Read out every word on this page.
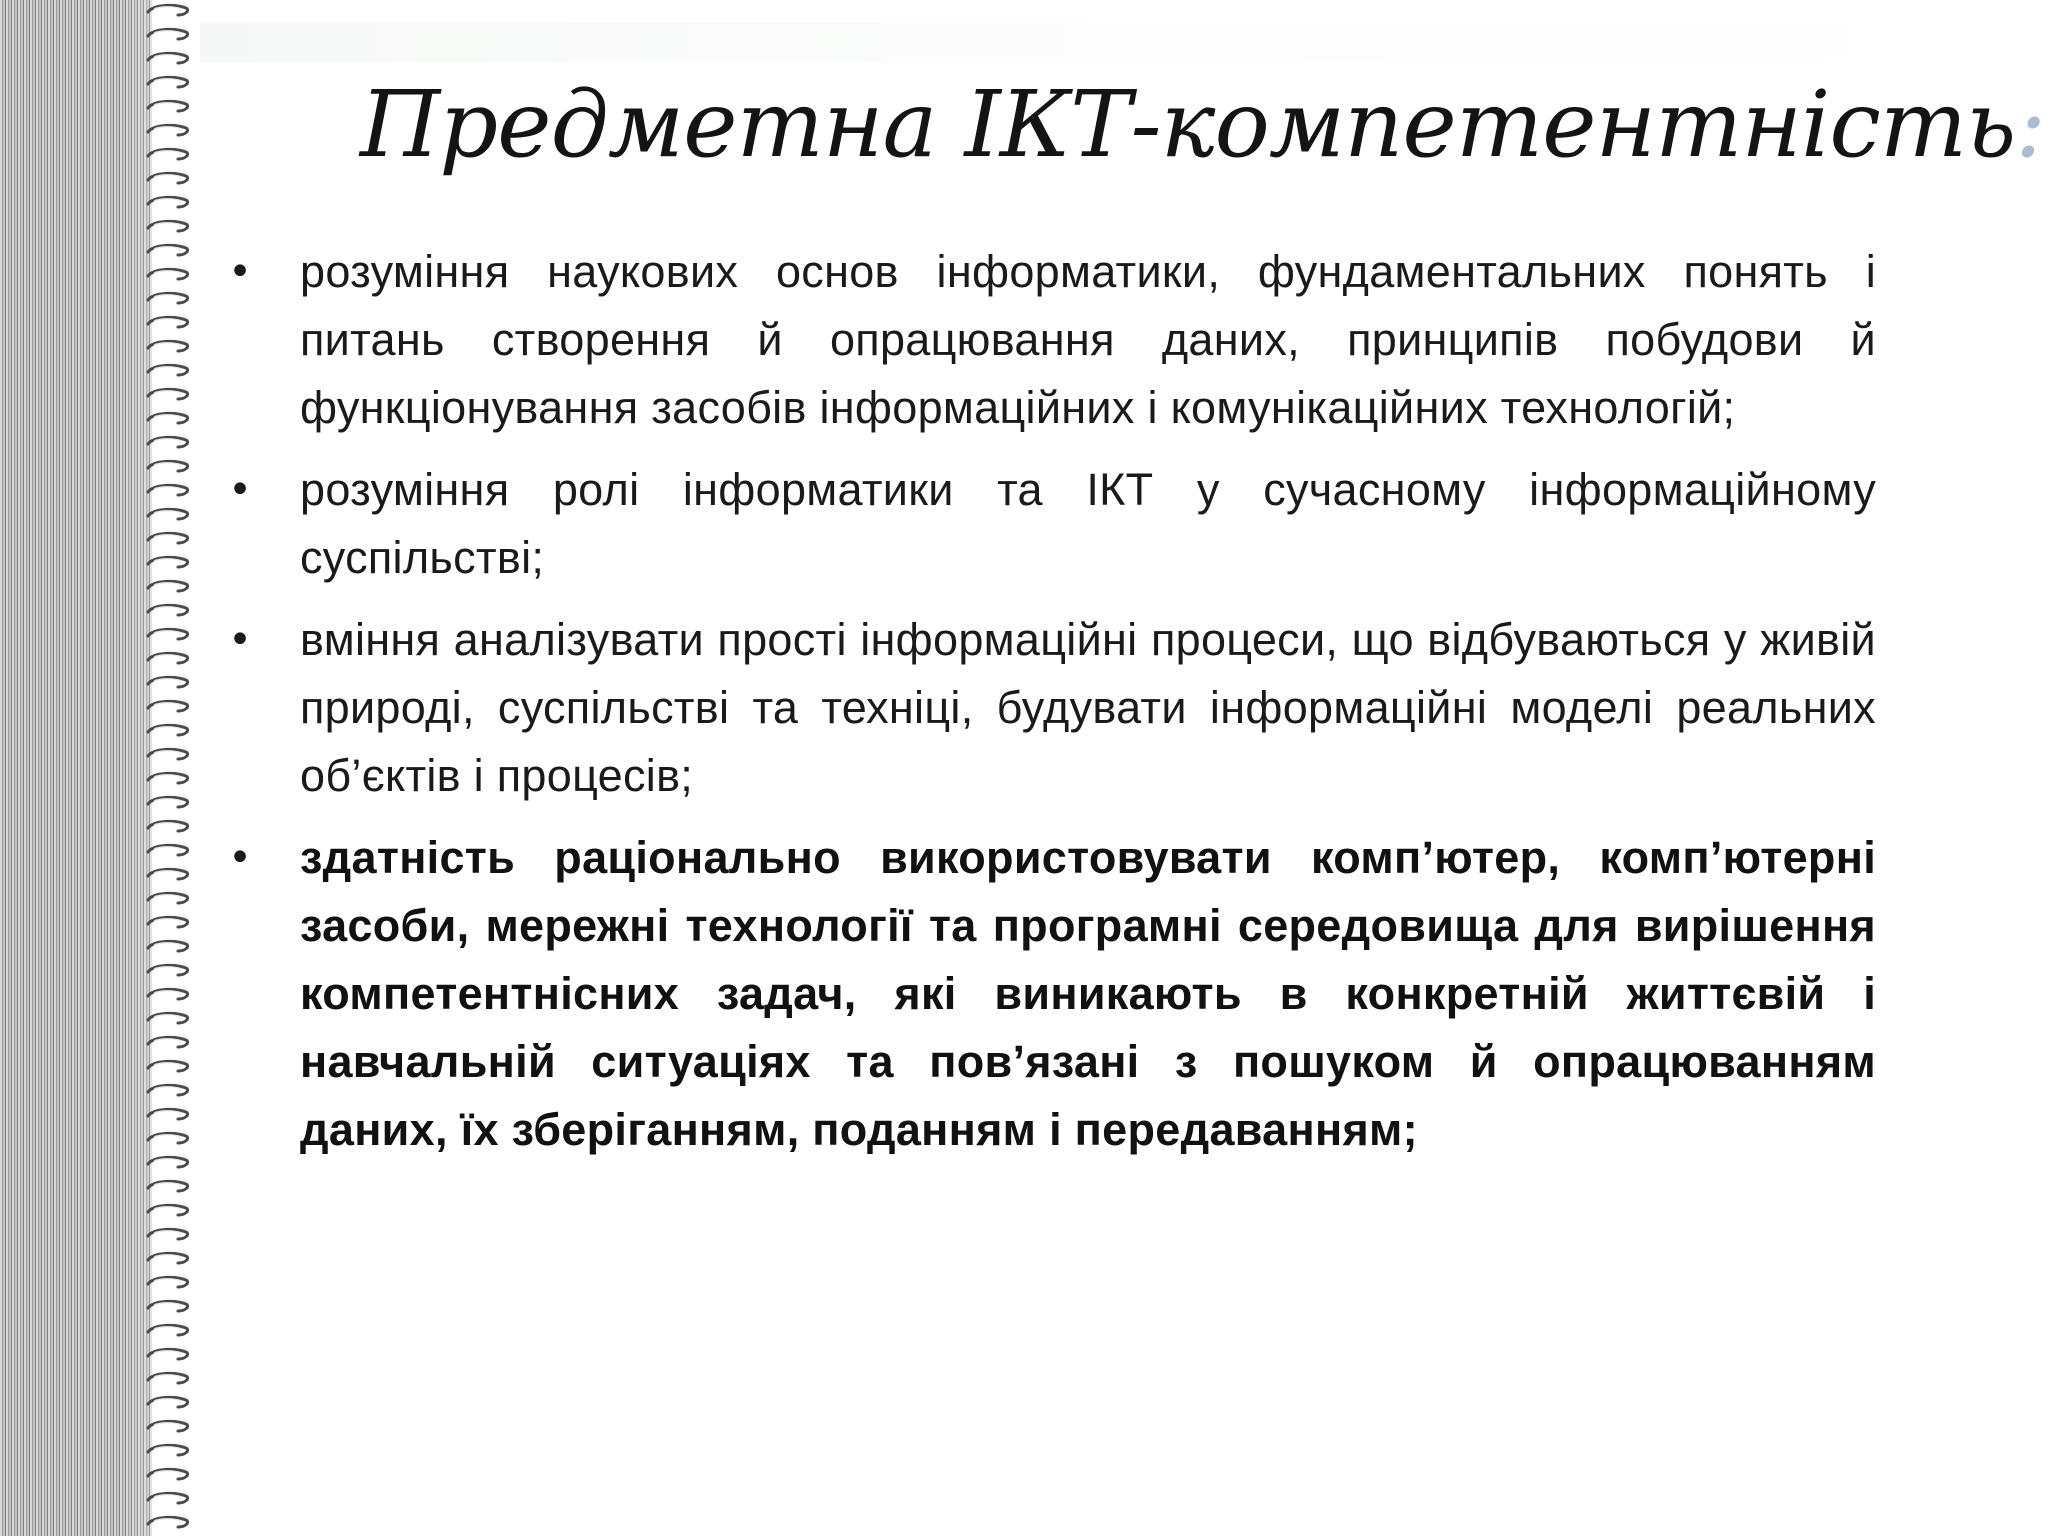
Предметна ІКТ-компетентність:
• розуміння наукових основ інформатики, фундаментальних понять і питань створення й опрацювання даних, принципів побудови й функціонування засобів інформаційних і комунікаційних технологій;
• розуміння ролі інформатики та ІКТ у сучасному інформаційному суспільстві;
• вміння аналізувати прості інформаційні процеси, що відбуваються у живій природі, суспільстві та техніці, будувати інформаційні моделі реальних об’єктів і процесів;
• здатність раціонально використовувати комп’ютер, комп’ютерні засоби, мережні технології та програмні середовища для вирішення компетентнісних задач, які виникають в конкретній життєвій і навчальній ситуаціях та пов’язані з пошуком й опрацюванням даних, їх зберіганням, поданням і передаванням;
